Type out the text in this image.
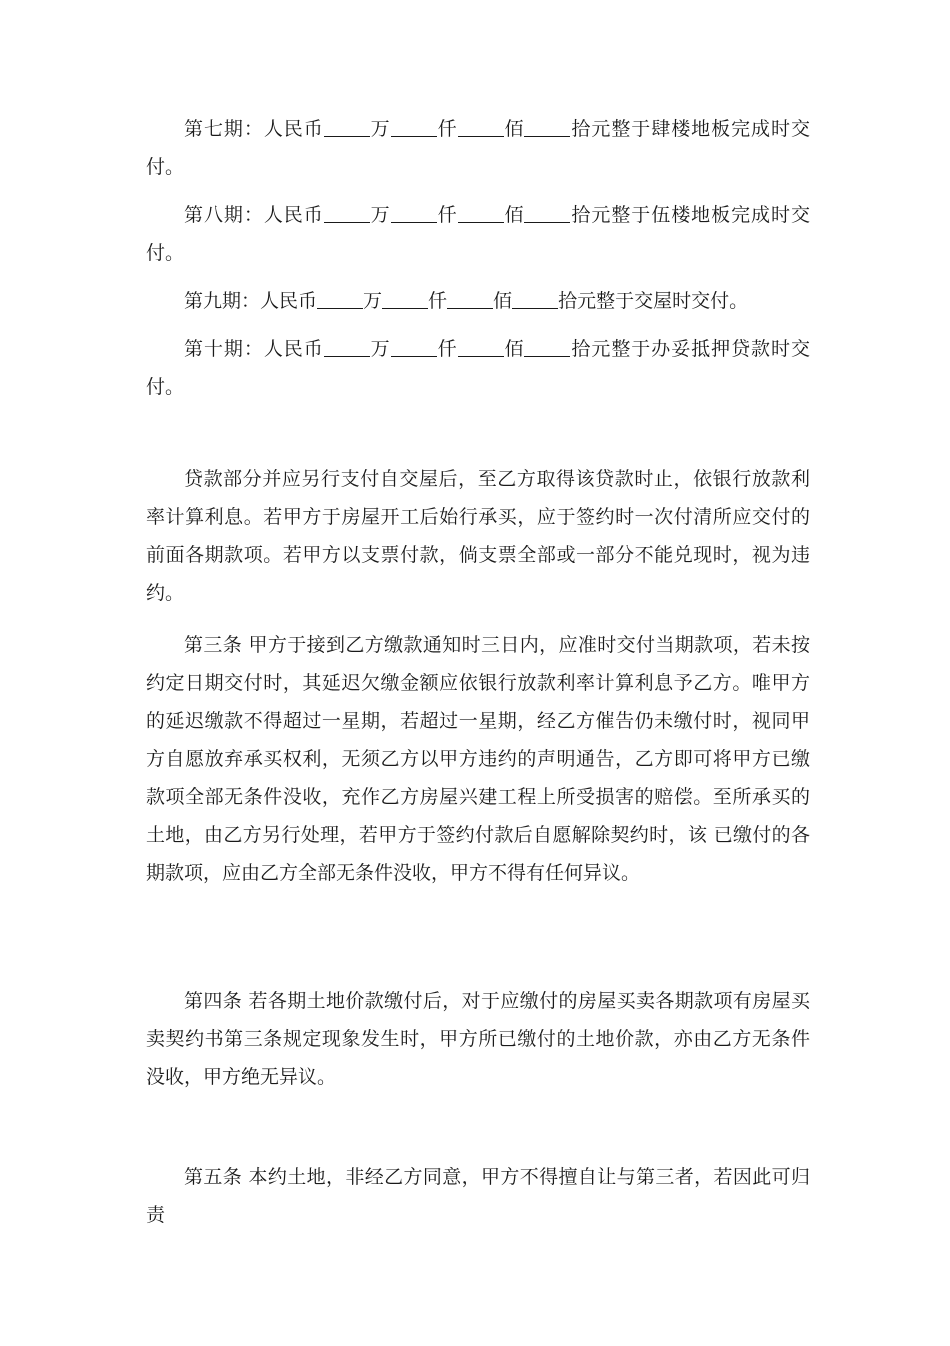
第七期：人民币 万 仟 佰 拾元整于肆楼地板完成时交付。

第八期：人民币 万 仟 佰 拾元整于伍楼地板完成时交付。

第九期：人民币 万 仟 佰 拾元整于交屋时交付。

第十期：人民币 万 仟 佰 拾元整于办妥抵押贷款时交付。

贷款部分并应另行支付自交屋后，至乙方取得该贷款时止，依银行放款利率计算利息。若甲方于房屋开工后始行承买，应于签约时一次付清所应交付的前面各期款项。若甲方以支票付款，倘支票全部或一部分不能兑现时，视为违约。

第三条 甲方于接到乙方缴款通知时三日内，应准时交付当期款项，若未按约定日期交付时，其延迟欠缴金额应依银行放款利率计算利息予乙方。唯甲方的延迟缴款不得超过一星期，若超过一星期，经乙方催告仍未缴付时，视同甲方自愿放弃承买权利，无须乙方以甲方违约的声明通告，乙方即可将甲方已缴款项全部无条件没收，充作乙方房屋兴建工程上所受损害的赔偿。至所承买的土地，由乙方另行处理，若甲方于签约付款后自愿解除契约时，该 已缴付的各期款项，应由乙方全部无条件没收，甲方不得有任何异议。

第四条 若各期土地价款缴付后，对于应缴付的房屋买卖各期款项有房屋买卖契约书第三条规定现象发生时，甲方所已缴付的土地价款，亦由乙方无条件没收，甲方绝无异议。

第五条 本约土地，非经乙方同意，甲方不得擅自让与第三者，若因此可归责
